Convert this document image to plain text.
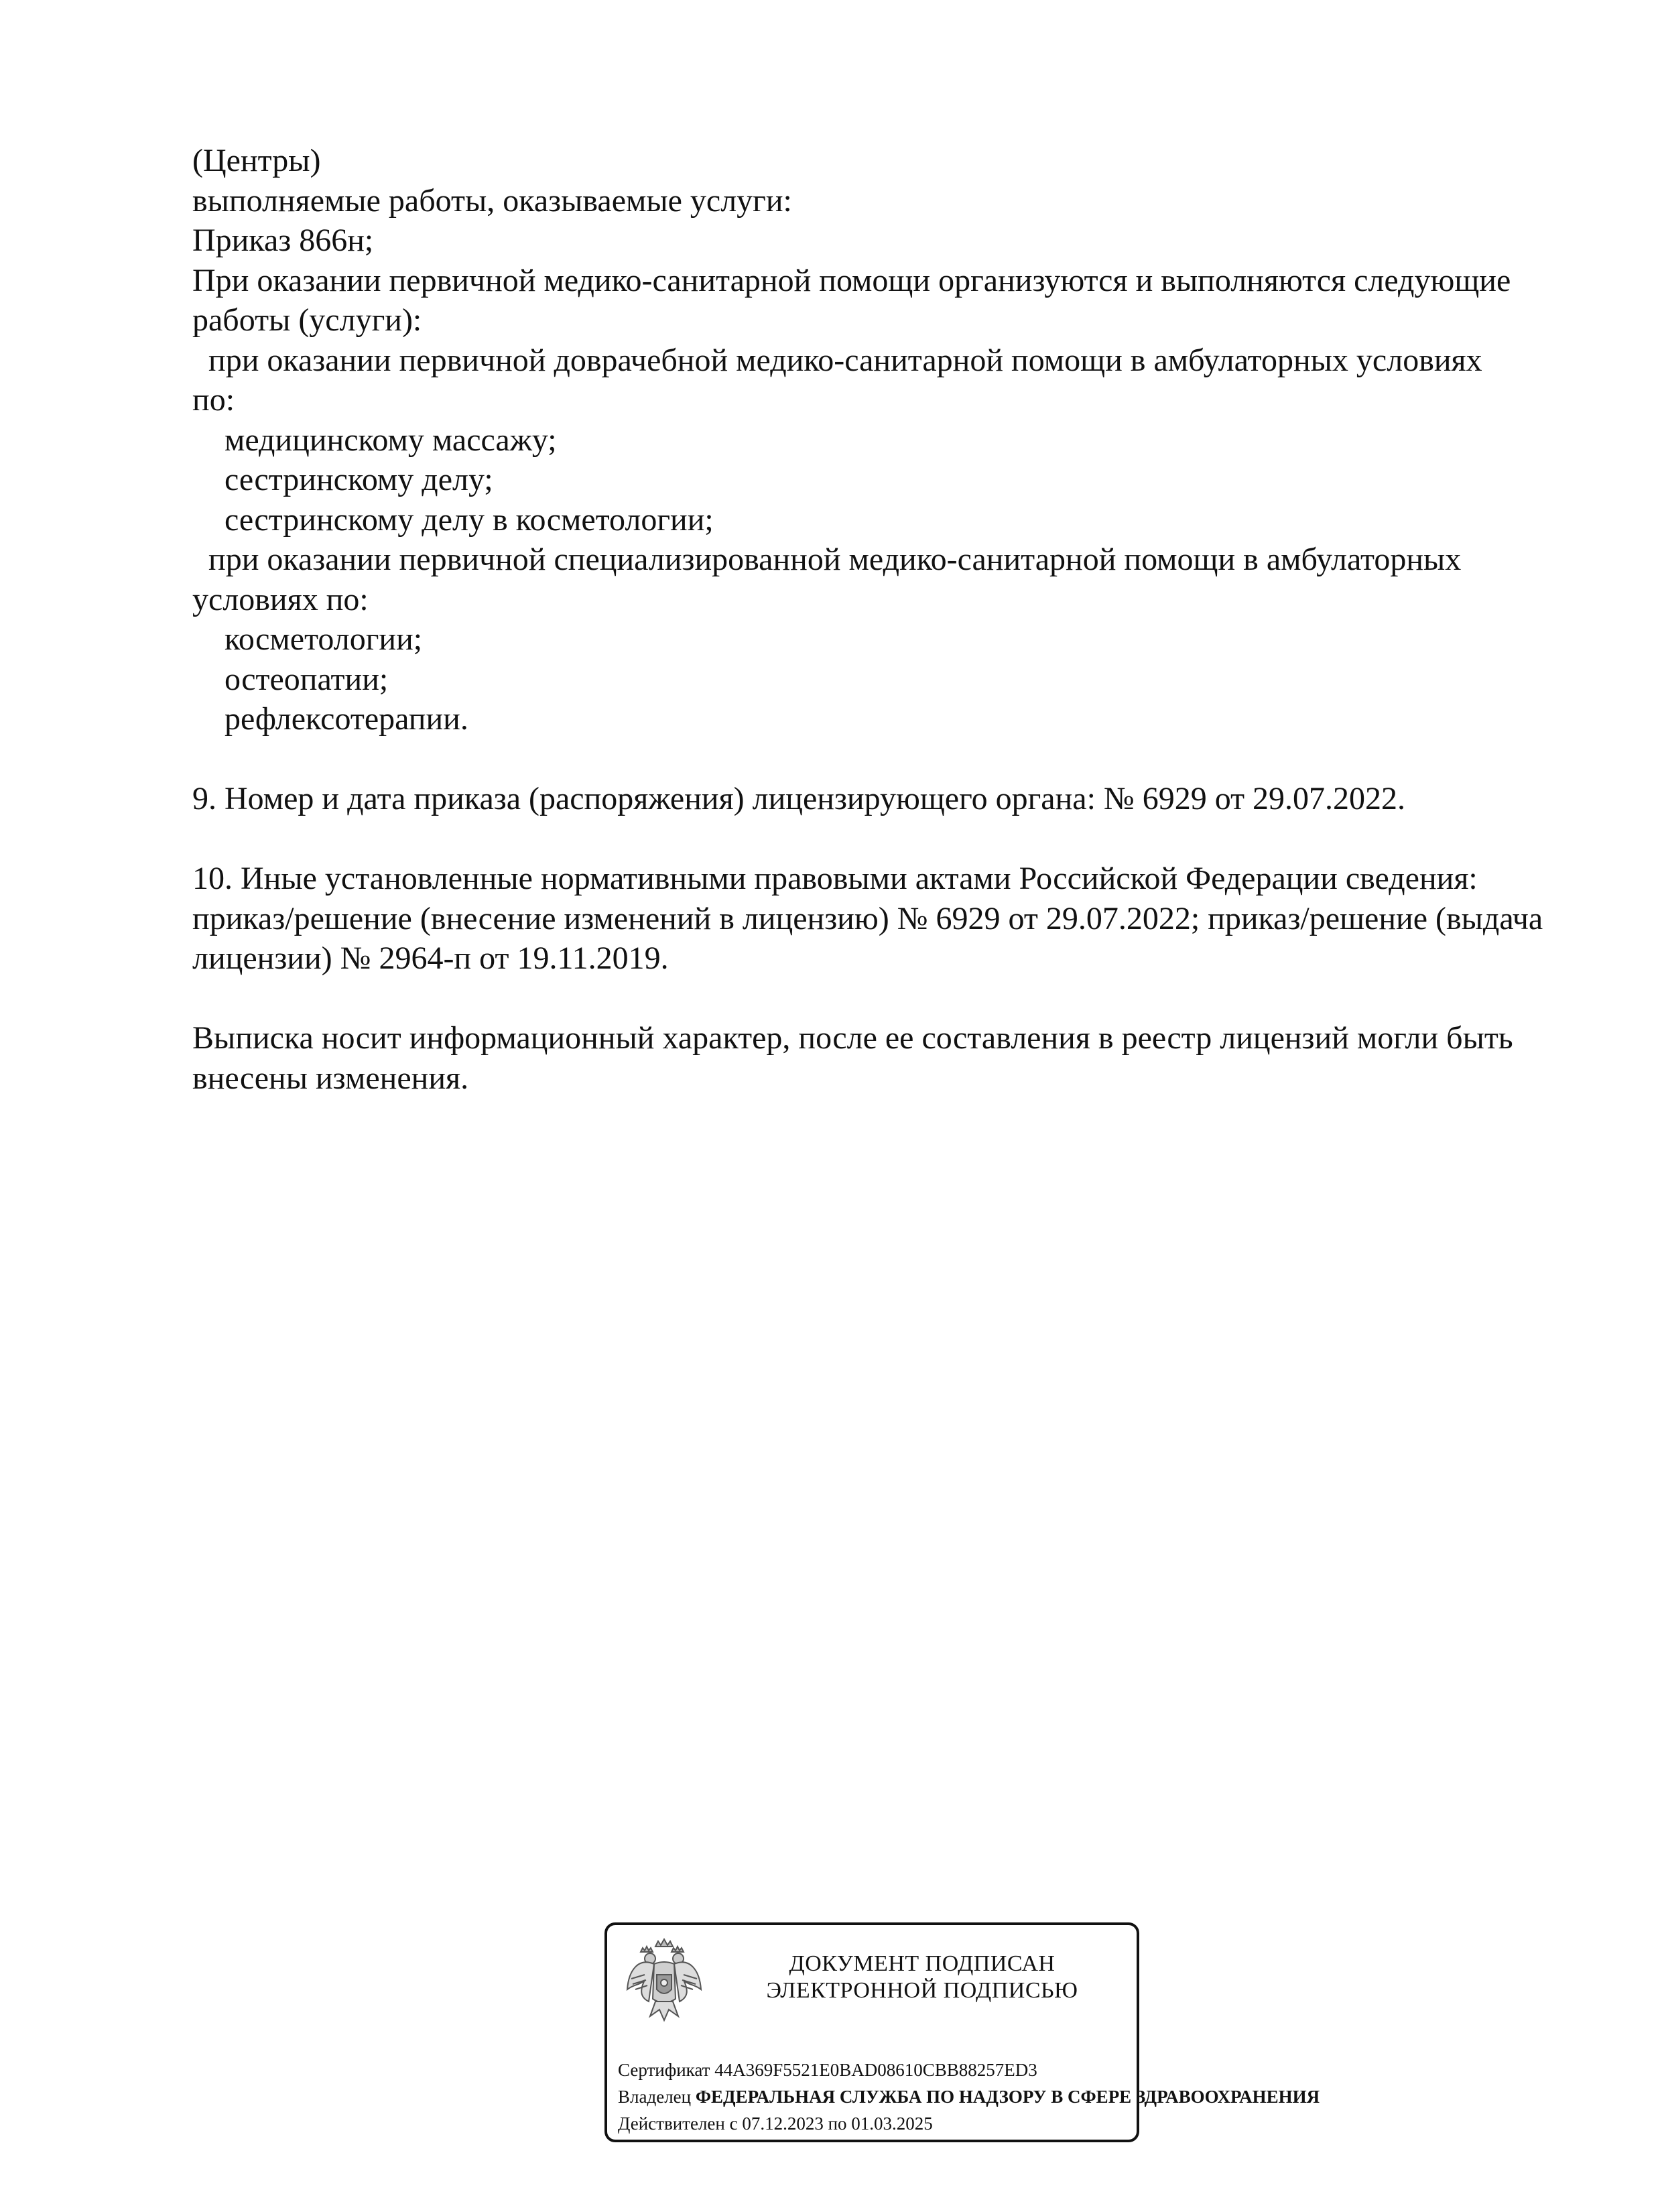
(Центры)
выполняемые работы, оказываемые услуги:
Приказ 866н;
При оказании первичной медико-санитарной помощи организуются и выполняются следующие
работы (услуги):
при оказании первичной доврачебной медико-санитарной помощи в амбулаторных условиях
по:
медицинскому массажу;
сестринскому делу;
сестринскому делу в косметологии;
при оказании первичной специализированной медико-санитарной помощи в амбулаторных
условиях по:
косметологии;
остеопатии;
рефлексотерапии.
9. Номер и дата приказа (распоряжения) лицензирующего органа: № 6929 от 29.07.2022.
10. Иные установленные нормативными правовыми актами Российской Федерации сведения:
приказ/решение (внесение изменений в лицензию) № 6929 от 29.07.2022; приказ/решение (выдача
лицензии) № 2964-п от 19.11.2019.
Выписка носит информационный характер, после ее составления в реестр лицензий могли быть
внесены изменения.
ДОКУМЕНТ ПОДПИСАН
ЭЛЕКТРОННОЙ ПОДПИСЬЮ
Сертификат 44A369F5521E0BAD08610CBB88257ED3
Владелец ФЕДЕРАЛЬНАЯ СЛУЖБА ПО НАДЗОРУ В СФЕРЕ ЗДРАВООХРАНЕНИЯ
Действителен с 07.12.2023 по 01.03.2025
